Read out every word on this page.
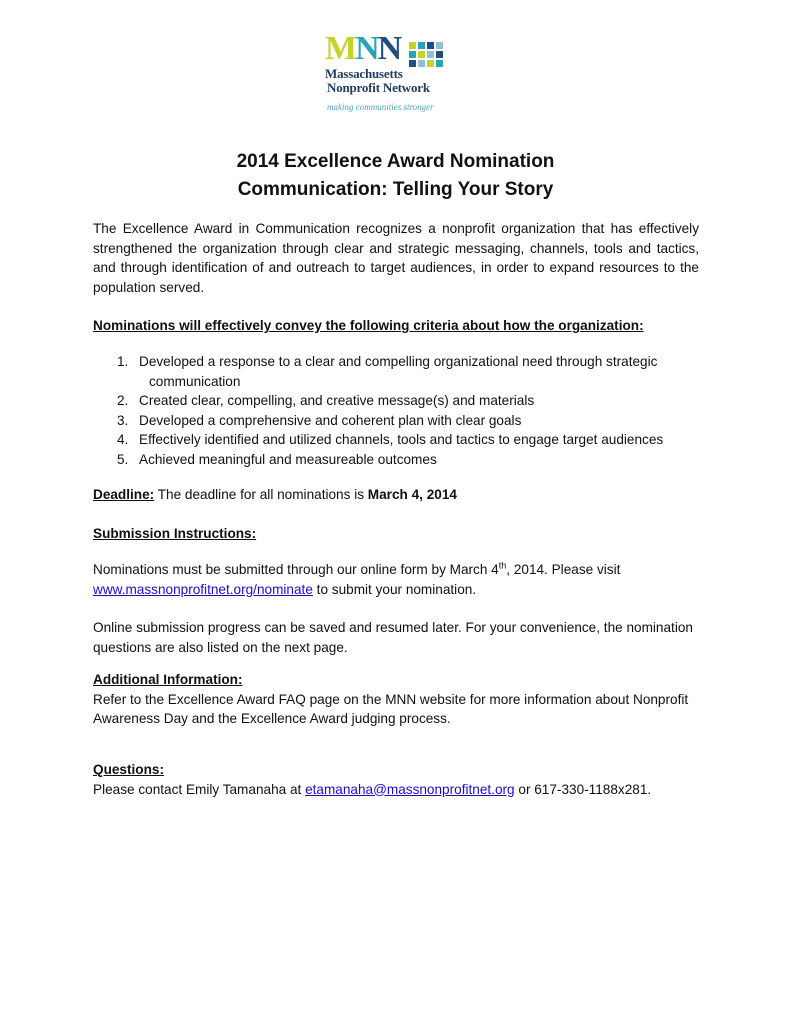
MNN
Massachusetts
Nonprofit Network
making communities stronger
2014 Excellence Award Nomination
Communication: Telling Your Story
The Excellence Award in Communication recognizes a nonprofit organization that has effectively strengthened the organization through clear and strategic messaging, channels, tools and tactics, and through identification of and outreach to target audiences, in order to expand resources to the population served.
Nominations will effectively convey the following criteria about how the organization:
1. Developed a response to a clear and compelling organizational need through strategic
communication
2. Created clear, compelling, and creative message(s) and materials
3. Developed a comprehensive and coherent plan with clear goals
4. Effectively identified and utilized channels, tools and tactics to engage target audiences
5. Achieved meaningful and measureable outcomes
Deadline: The deadline for all nominations is March 4, 2014
Submission Instructions:
Nominations must be submitted through our online form by March 4th, 2014. Please visit
www.massnonprofitnet.org/nominate to submit your nomination.
Online submission progress can be saved and resumed later. For your convenience, the nomination questions are also listed on the next page.
Additional Information:
Refer to the Excellence Award FAQ page on the MNN website for more information about Nonprofit Awareness Day and the Excellence Award judging process.
Questions:
Please contact Emily Tamanaha at etamanaha@massnonprofitnet.org or 617-330-1188x281.
